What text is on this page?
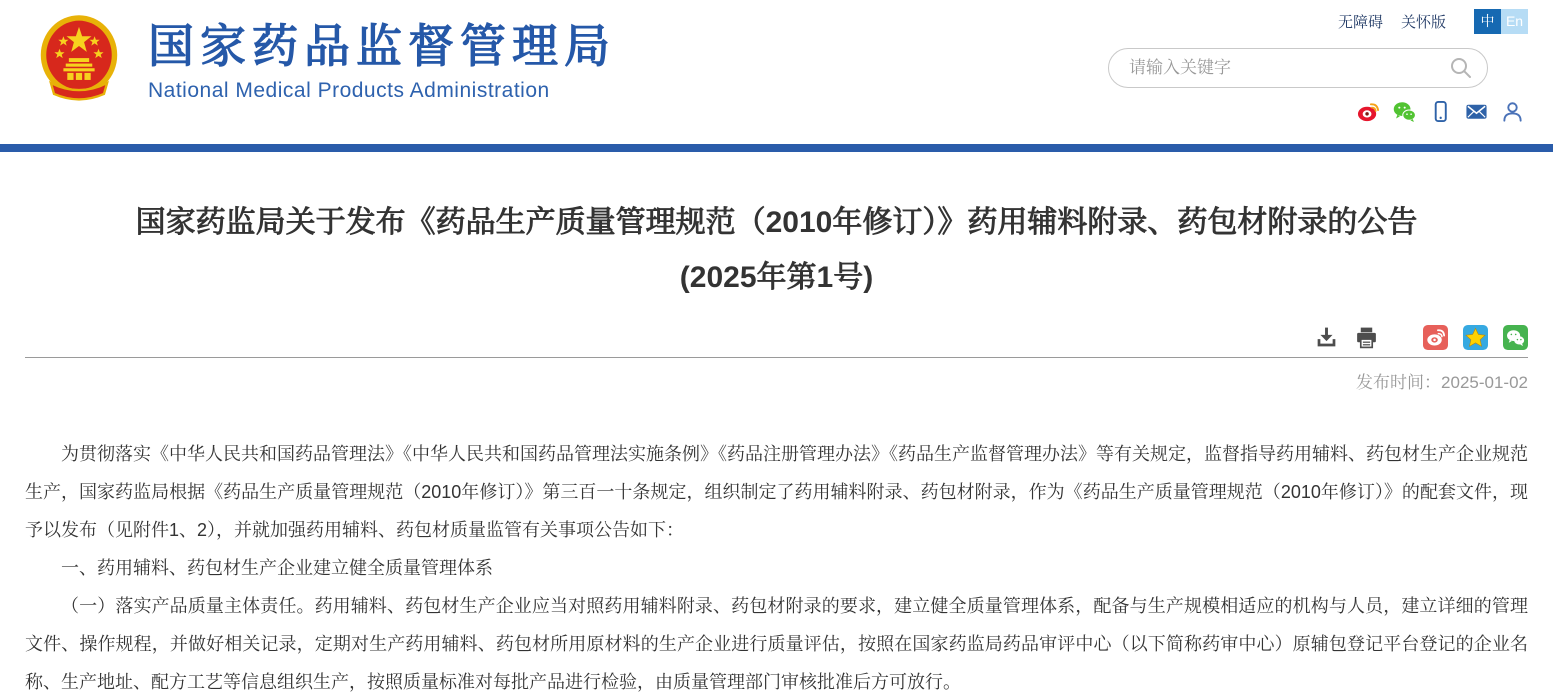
国家药品监督管理局
National Medical Products Administration
无障碍 关怀版	中 En
请输入关键字
国家药监局关于发布《药品生产质量管理规范（2010年修订）》药用辅料附录、药包材附录的公告
(2025年第1号)
发布时间：2025-01-02

为贯彻落实《中华人民共和国药品管理法》《中华人民共和国药品管理法实施条例》《药品注册管理办法》《药品生产监督管理办法》等有关规定，监督指导药用辅料、药包材生产企业规范生产，国家药监局根据《药品生产质量管理规范（2010年修订）》第三百一十条规定，组织制定了药用辅料附录、药包材附录，作为《药品生产质量管理规范（2010年修订）》的配套文件，现予以发布（见附件1、2），并就加强药用辅料、药包材质量监管有关事项公告如下：

一、药用辅料、药包材生产企业建立健全质量管理体系

（一）落实产品质量主体责任。药用辅料、药包材生产企业应当对照药用辅料附录、药包材附录的要求，建立健全质量管理体系，配备与生产规模相适应的机构与人员，建立详细的管理文件、操作规程，并做好相关记录，定期对生产药用辅料、药包材所用原材料的生产企业进行质量评估，按照在国家药监局药品审评中心（以下简称药审中心）原辅包登记平台登记的企业名称、生产地址、配方工艺等信息组织生产，按照质量标准对每批产品进行检验，由质量管理部门审核批准后方可放行。
